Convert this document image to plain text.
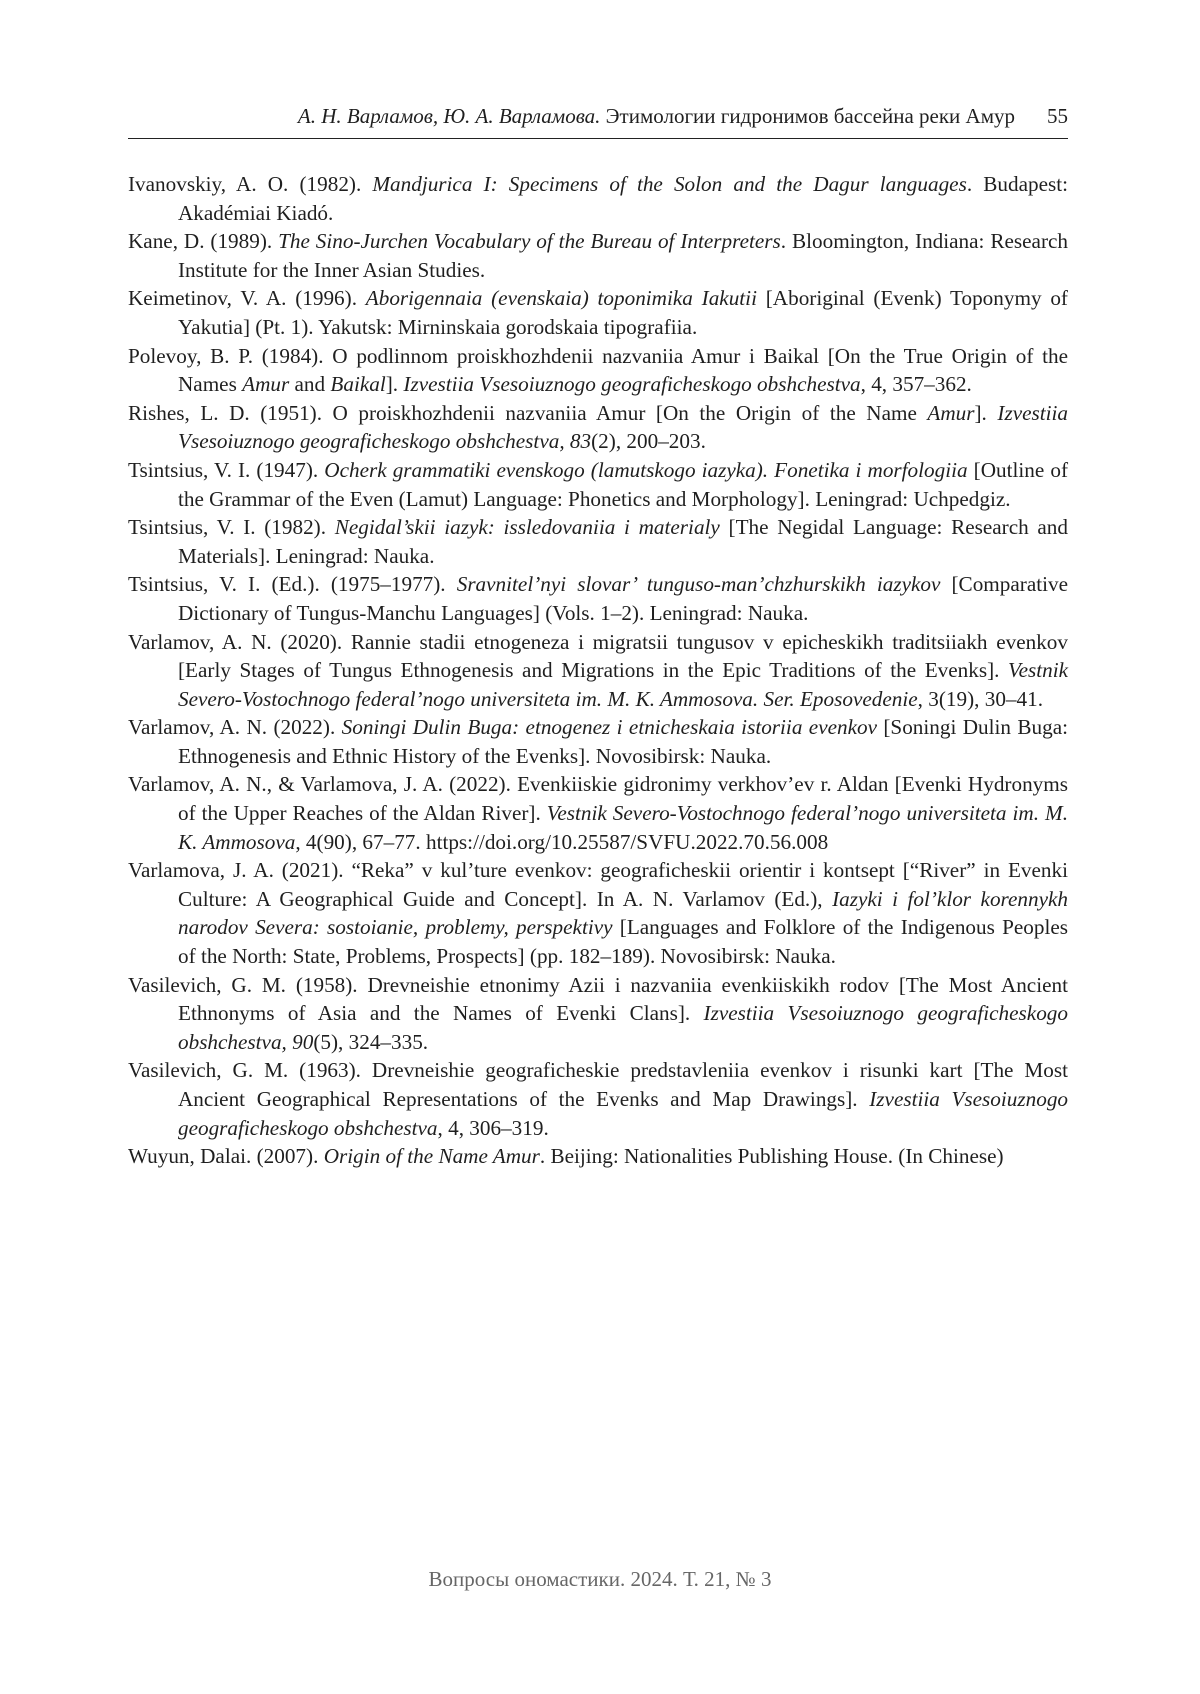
А. Н. Варламов, Ю. А. Варламова. Этимологии гидронимов бассейна реки Амур 55

Ivanovskiy, A. O. (1982). Mandjurica I: Specimens of the Solon and the Dagur languages. Budapest: Akadémiai Kiadó.

Kane, D. (1989). The Sino-Jurchen Vocabulary of the Bureau of Interpreters. Bloomington, Indiana: Research Institute for the Inner Asian Studies.

Keimetinov, V. A. (1996). Aborigennaia (evenskaia) toponimika Iakutii [Aboriginal (Evenk) Toponymy of Yakutia] (Pt. 1). Yakutsk: Mirninskaia gorodskaia tipografiia.

Polevoy, B. P. (1984). O podlinnom proiskhozhdenii nazvaniia Amur i Baikal [On the True Origin of the Names Amur and Baikal]. Izvestiia Vsesoiuznogo geograficheskogo obshchestva, 4, 357–362.

Rishes, L. D. (1951). O proiskhozhdenii nazvaniia Amur [On the Origin of the Name Amur]. Izvestiia Vsesoiuznogo geograficheskogo obshchestva, 83(2), 200–203.

Tsintsius, V. I. (1947). Ocherk grammatiki evenskogo (lamutskogo iazyka). Fonetika i morfologiia [Outline of the Grammar of the Even (Lamut) Language: Phonetics and Morphology]. Leningrad: Uchpedgiz.

Tsintsius, V. I. (1982). Negidal’skii iazyk: issledovaniia i materialy [The Negidal Language: Research and Materials]. Leningrad: Nauka.

Tsintsius, V. I. (Ed.). (1975–1977). Sravnitel’nyi slovar’ tunguso-man’chzhurskikh iazykov [Comparative Dictionary of Tungus-Manchu Languages] (Vols. 1–2). Leningrad: Nauka.

Varlamov, A. N. (2020). Rannie stadii etnogeneza i migratsii tungusov v epicheskikh traditsiiakh evenkov [Early Stages of Tungus Ethnogenesis and Migrations in the Epic Traditions of the Evenks]. Vestnik Severo-Vostochnogo federal’nogo universiteta im. M. K. Ammosova. Ser. Eposovedenie, 3(19), 30–41.

Varlamov, A. N. (2022). Soningi Dulin Buga: etnogenez i etnicheskaia istoriia evenkov [Soningi Dulin Buga: Ethnogenesis and Ethnic History of the Evenks]. Novosibirsk: Nauka.

Varlamov, A. N., & Varlamova, J. A. (2022). Evenkiiskie gidronimy verkhov’ev r. Aldan [Evenki Hydronyms of the Upper Reaches of the Aldan River]. Vestnik Severo-Vostochnogo federal’nogo universiteta im. M. K. Ammosova, 4(90), 67–77. https://doi.org/10.25587/SVFU.2022.70.56.008

Varlamova, J. A. (2021). “Reka” v kul’ture evenkov: geograficheskii orientir i kontsept [“River” in Evenki Culture: A Geographical Guide and Concept]. In A. N. Varlamov (Ed.), Iazyki i fol’klor korennykh narodov Severa: sostoianie, problemy, perspektivy [Languages and Folklore of the Indigenous Peoples of the North: State, Problems, Prospects] (pp. 182–189). Novosibirsk: Nauka.

Vasilevich, G. M. (1958). Drevneishie etnonimy Azii i nazvaniia evenkiiskikh rodov [The Most Ancient Ethnonyms of Asia and the Names of Evenki Clans]. Izvestiia Vsesoiuznogo geograficheskogo obshchestva, 90(5), 324–335.

Vasilevich, G. M. (1963). Drevneishie geograficheskie predstavleniia evenkov i risunki kart [The Most Ancient Geographical Representations of the Evenks and Map Drawings]. Izvestiia Vsesoiuznogo geograficheskogo obshchestva, 4, 306–319.

Wuyun, Dalai. (2007). Origin of the Name Amur. Beijing: Nationalities Publishing House. (In Chinese)

Вопросы ономастики. 2024. Т. 21, № 3
